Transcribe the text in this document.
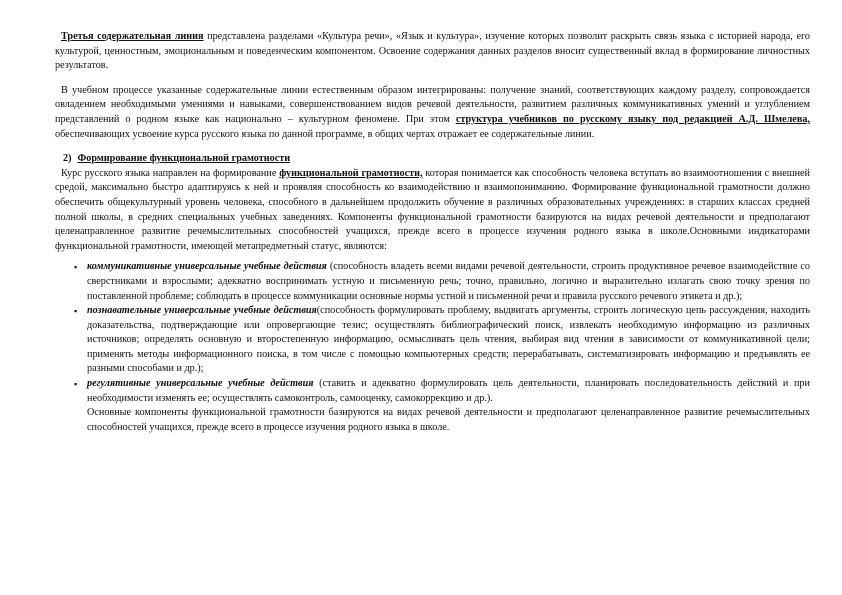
Третья содержательная линия представлена разделами «Культура речи», «Язык и культура», изучение которых позволит раскрыть связь языка с историей народа, его культурой, ценностным, эмоциональным и поведенческим компонентом. Освоение содержания данных разделов вносит существенный вклад в формирование личностных результатов.

В учебном процессе указанные содержательные линии естественным образом интегрированы: получение знаний, соответствующих каждому разделу, сопровождается овладением необходимыми умениями и навыками, совершенствованием видов речевой деятельности, развитием различных коммуникативных умений и углублением представлений о родном языке как национально – культурном феномене. При этом структура учебников по русскому языку под редакцией А.Д. Шмелева, обеспечивающих усвоение курса русского языка по данной программе, в общих чертах отражает ее содержательные линии.

2) Формирование функциональной грамотности

Курс русского языка направлен на формирование функциональной грамотности, которая понимается как способность человека вступать во взаимоотношения с внешней средой, максимально быстро адаптируясь к ней и проявляя способность ко взаимодействию и взаимопониманию. Формирование функциональной грамотности должно обеспечить общекультурный уровень человека, способного в дальнейшем продолжить обучение в различных образовательных учреждениях: в старших классах средней полной школы, в средних специальных учебных заведениях. Компоненты функциональной грамотности базируются на видах речевой деятельности и предполагают целенаправленное развитие речемыслительных способностей учащихся, прежде всего в процессе изучения родного языка в школе.Основными индикаторами функциональной грамотности, имеющей метапредметный статус, являются:

▪ коммуникативные универсальные учебные действия (способность владеть всеми видами речевой деятельности, строить продуктивное речевое взаимодействие со сверстниками и взрослыми; адекватно воспринимать устную и письменную речь; точно, правильно, логично и выразительно излагать свою точку зрения по поставленной проблеме; соблюдать в процессе коммуникации основные нормы устной и письменной речи и правила русского речевого этикета и др.);
▪ познавательные универсальные учебные действия(способность формулировать проблему, выдвигать аргументы, строить логическую цепь рассуждения, находить доказательства, подтверждающие или опровергающие тезис; осуществлять библиографический поиск, извлекать необходимую информацию из различных источников; определять основную и второстепенную информацию, осмысливать цель чтения, выбирая вид чтения в зависимости от коммуникативной цели; применять методы информационного поиска, в том числе с помощью компьютерных средств; перерабатывать, систематизировать информацию и предъявлять ее разными способами и др.);
▪ регулятивные универсальные учебные действия (ставить и адекватно формулировать цель деятельности, планировать последовательность действий и при необходимости изменять ее; осуществлять самоконтроль, самооценку, самокоррекцию и др.).

Основные компоненты функциональной грамотности базируются на видах речевой деятельности и предполагают целенаправленное развитие речемыслительных способностей учащихся, прежде всего в процессе изучения родного языка в школе.
